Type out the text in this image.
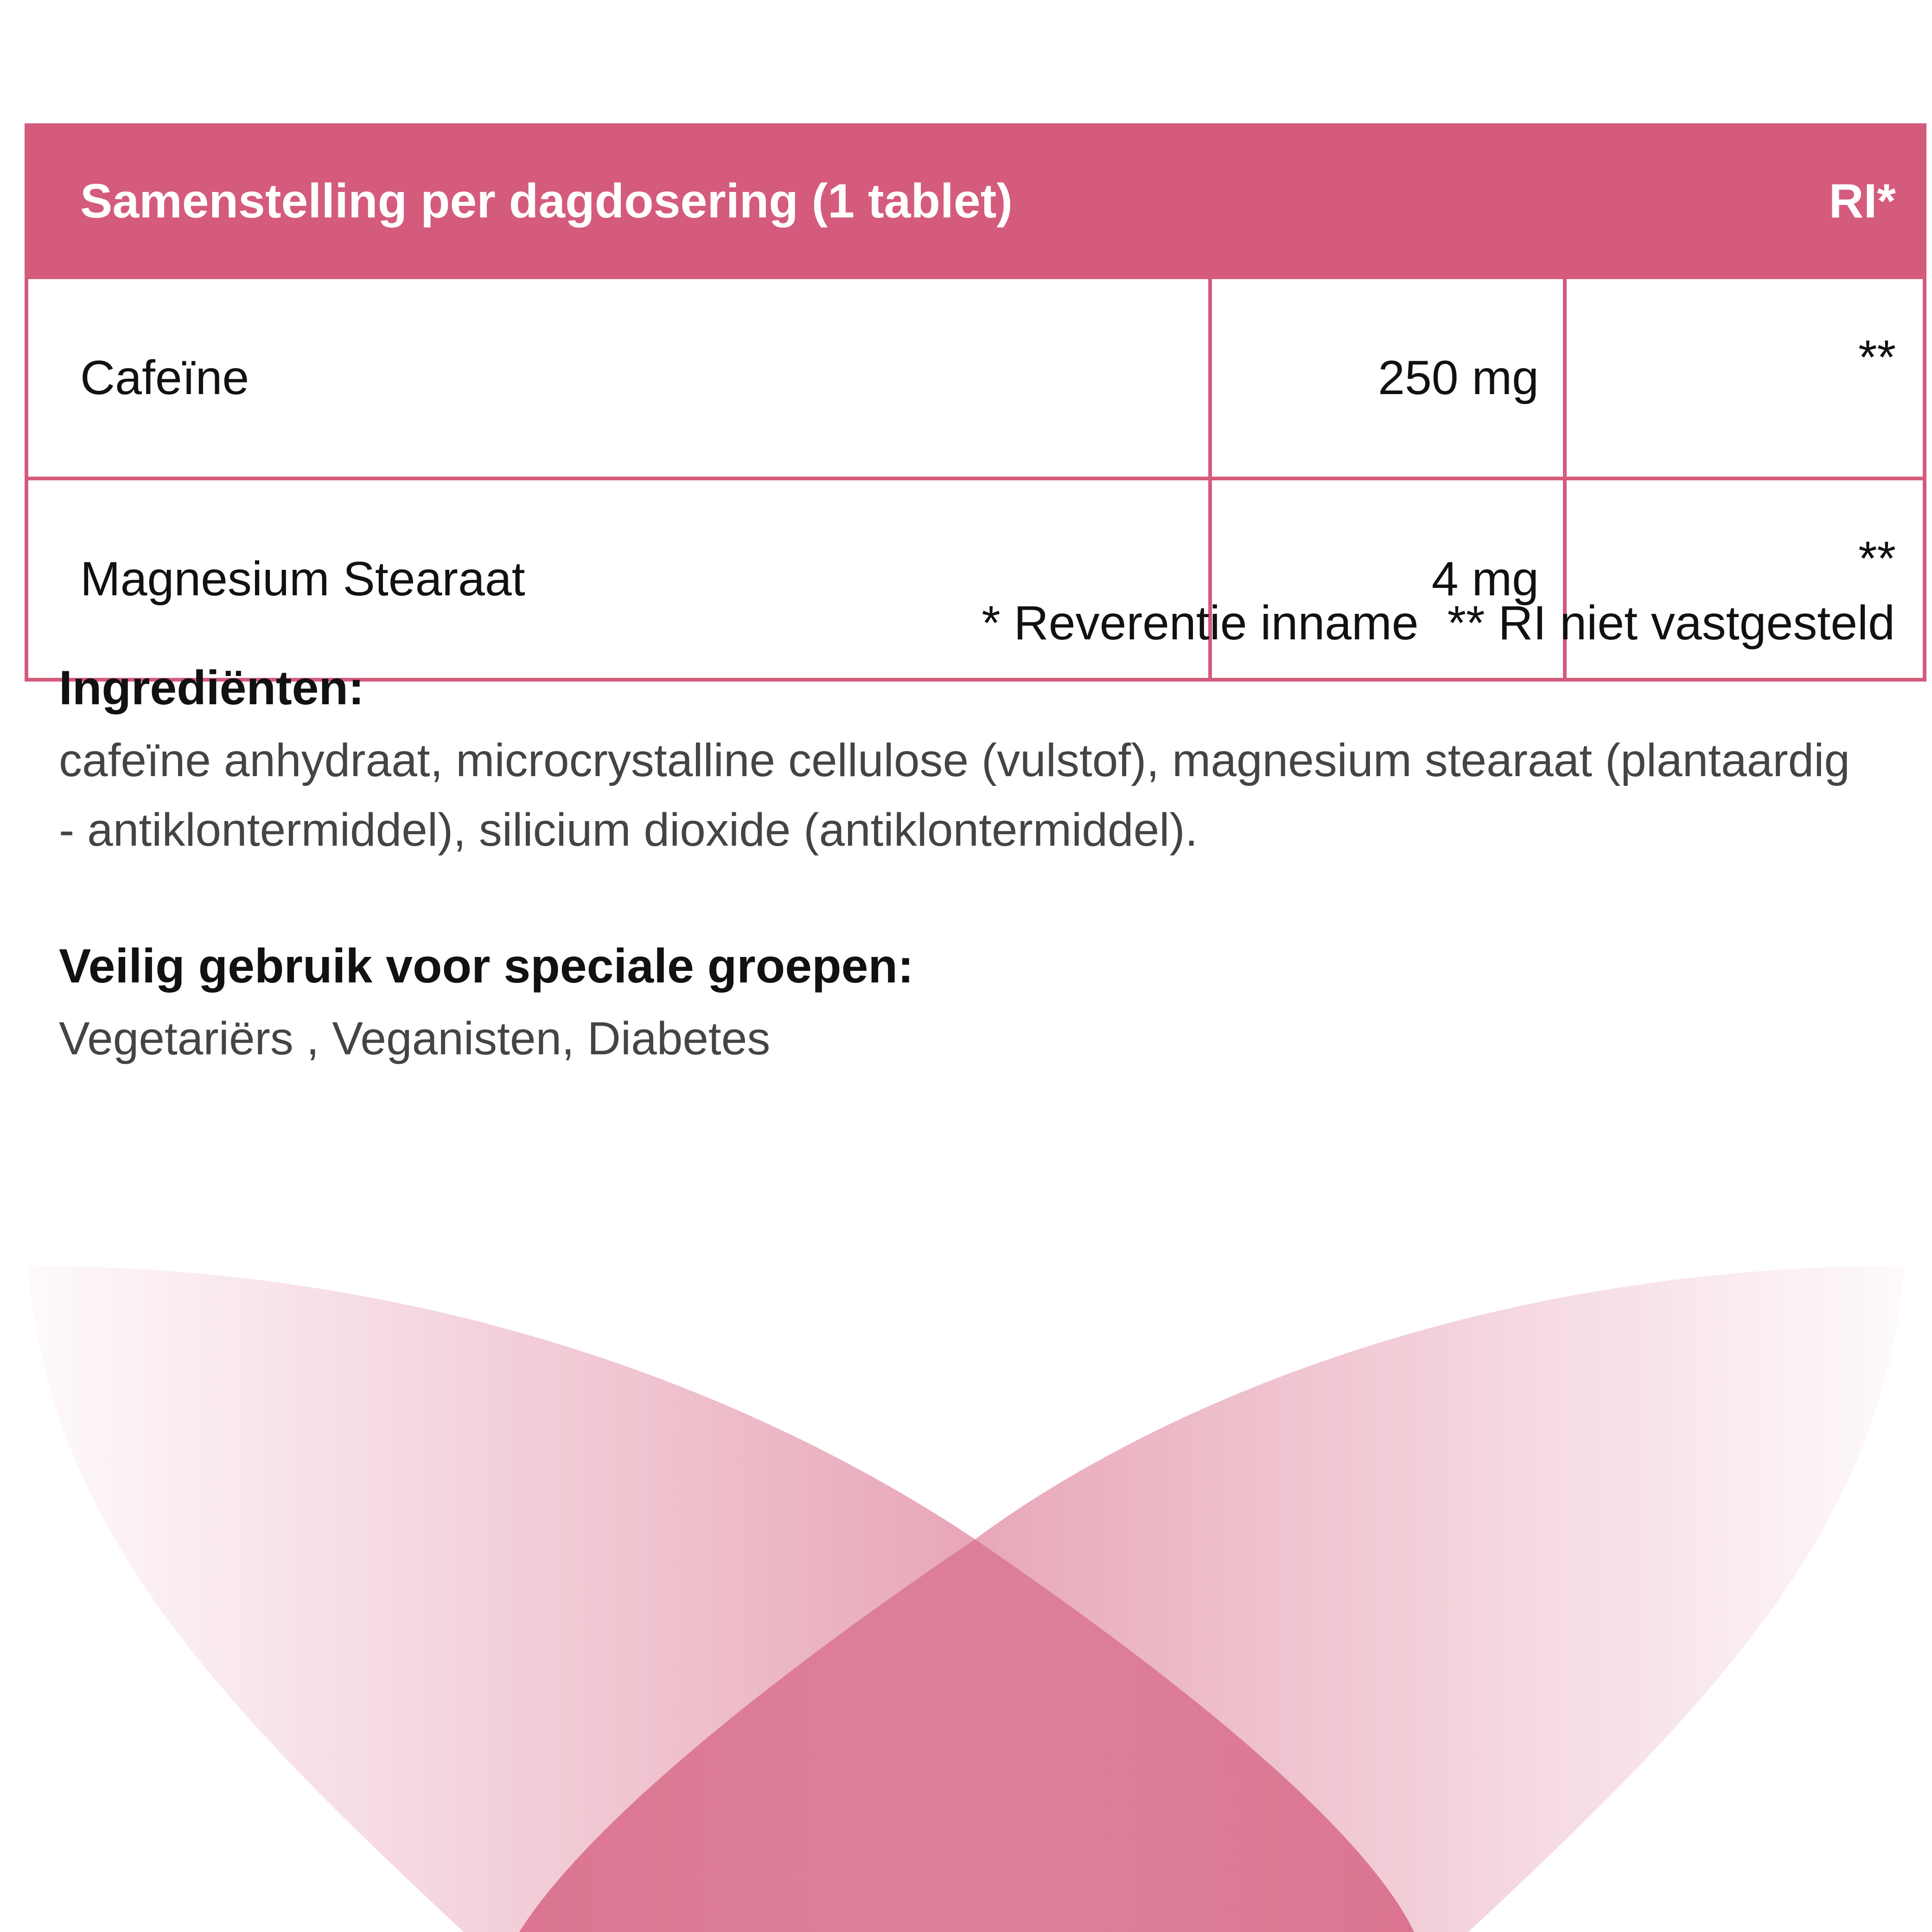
Samenstelling per dagdosering (1 tablet)		RI*
Cafeïne	250 mg	**
Magnesium Stearaat	4 mg	**
* Reverentie inname ** RI niet vastgesteld
Ingrediënten:
cafeïne anhydraat, microcrystalline cellulose (vulstof), magnesium stearaat (plantaardig - antiklontermiddel), silicium dioxide (antiklontermiddel).
Veilig gebruik voor speciale groepen:
Vegetariërs , Veganisten, Diabetes
